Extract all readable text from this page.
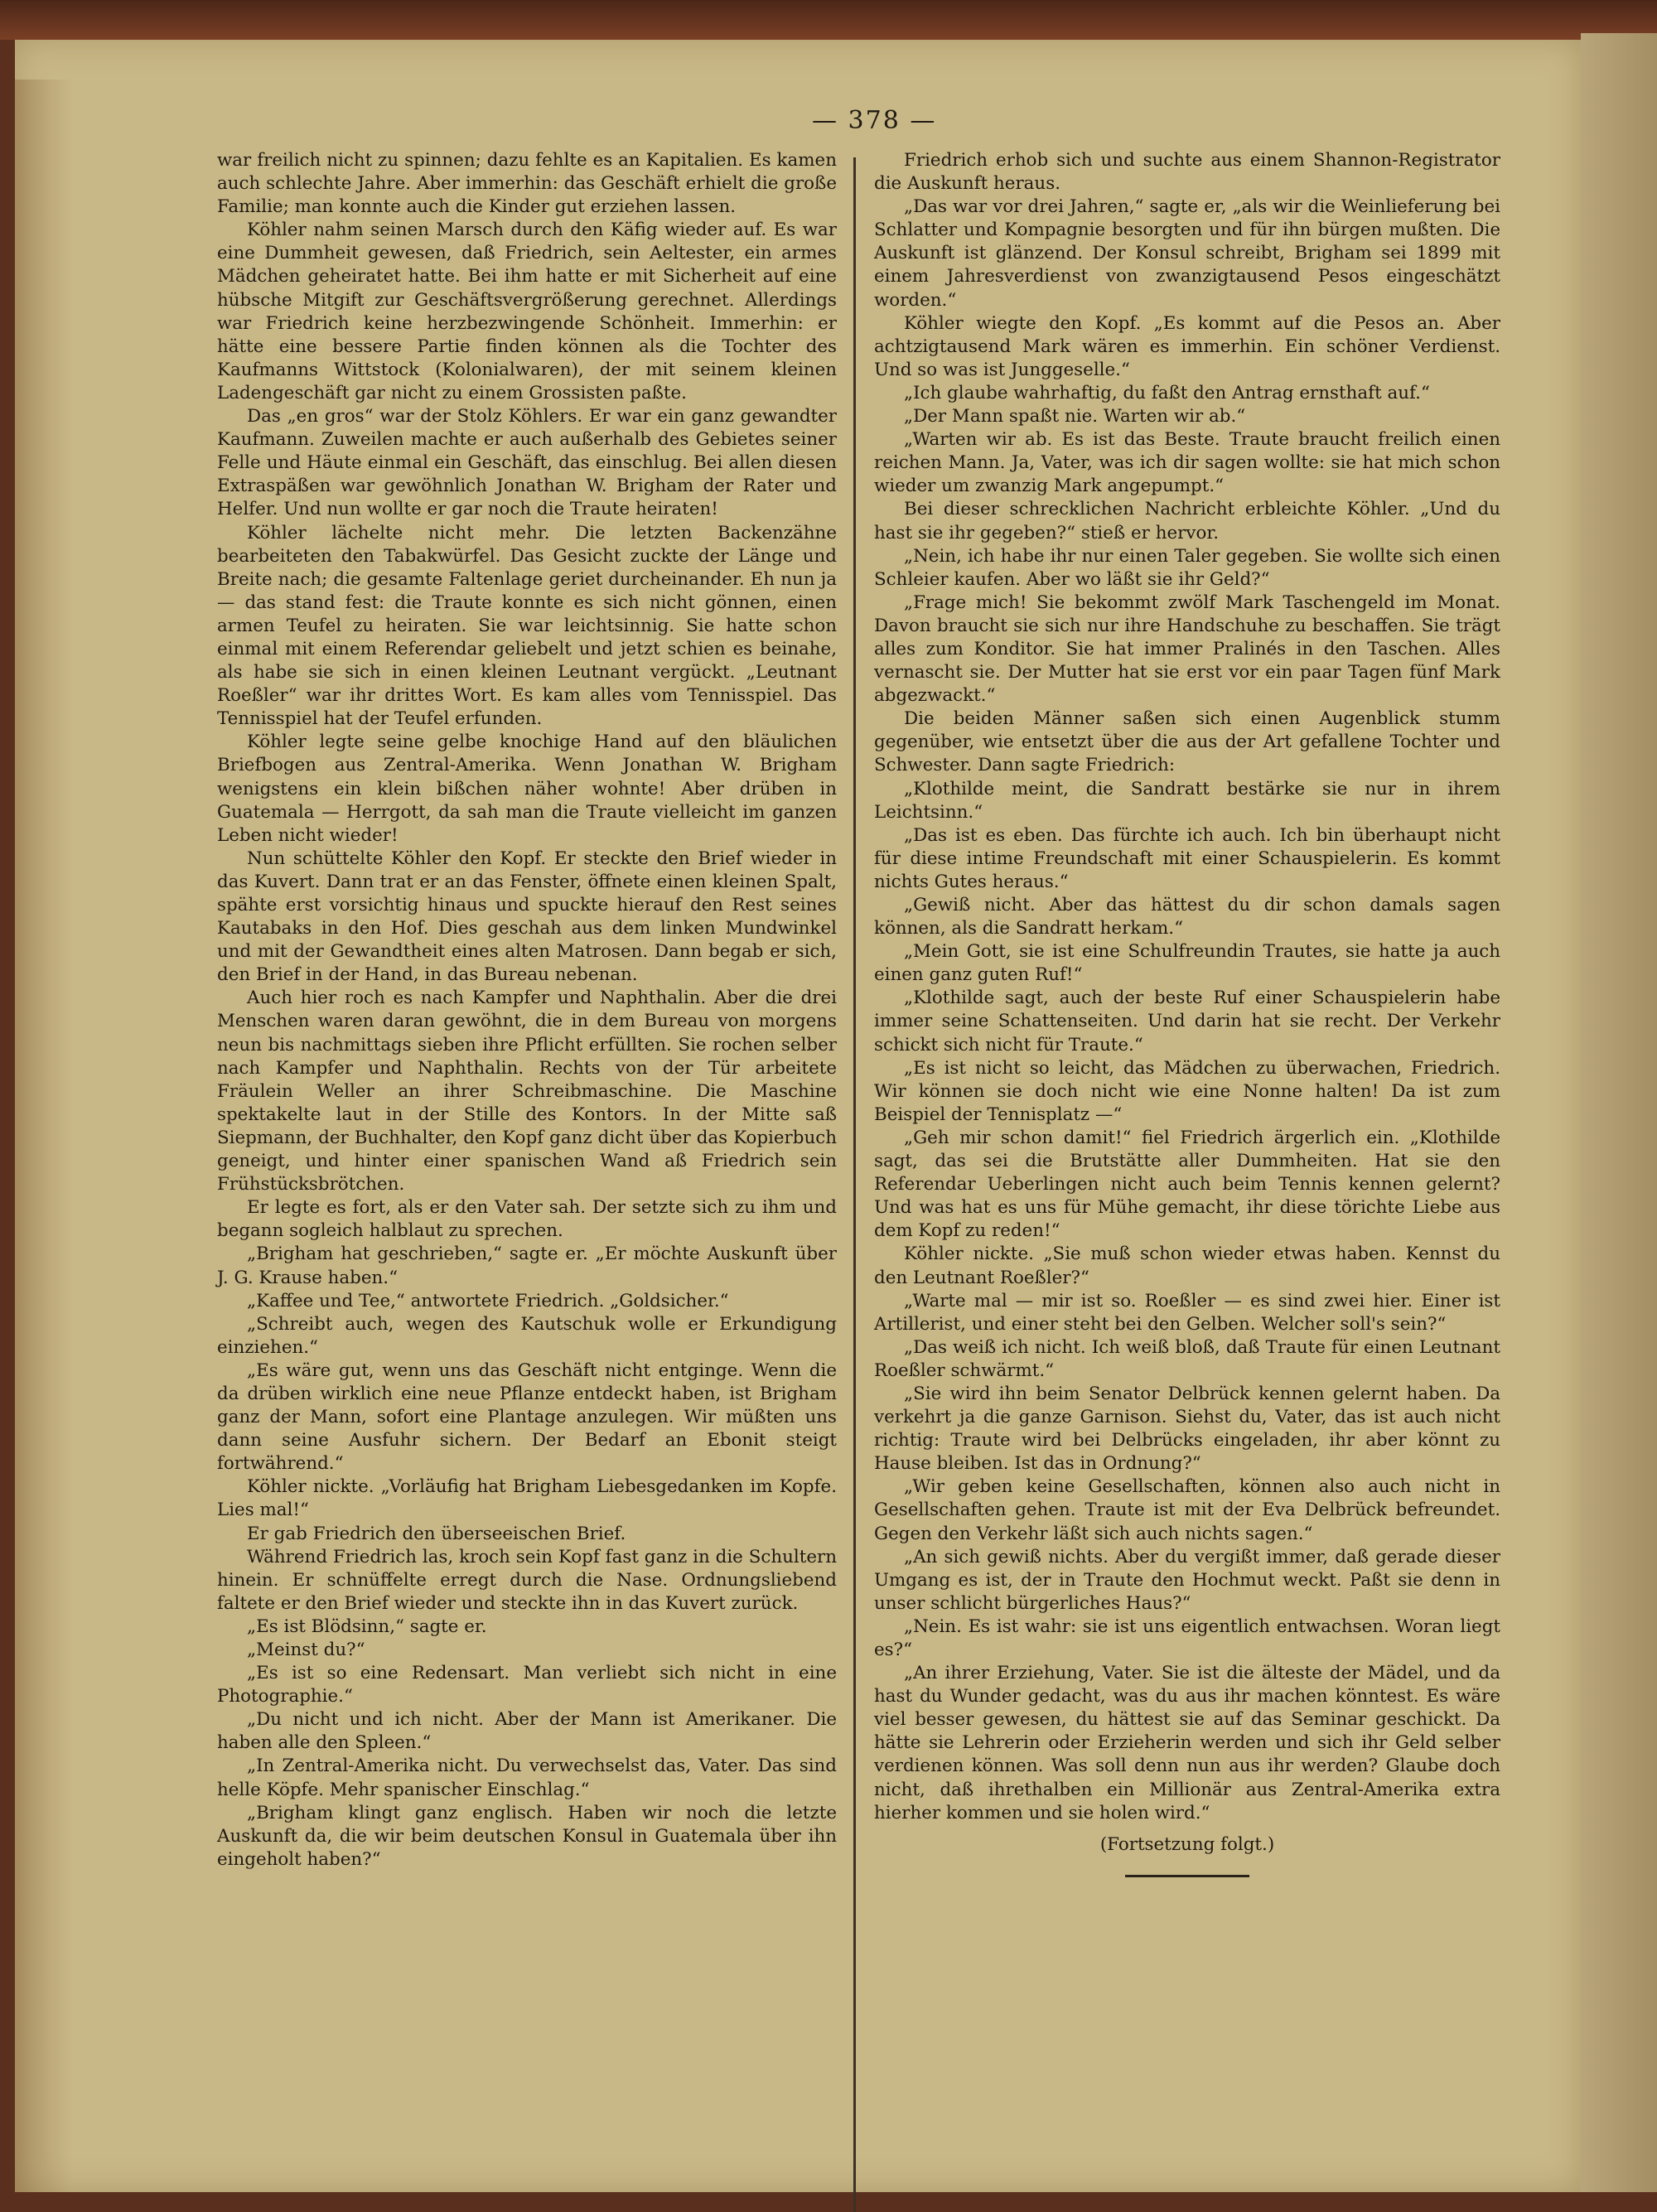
— 378 —

war freilich nicht zu spinnen; dazu fehlte es an Kapitalien. Es kamen auch schlechte Jahre. Aber immerhin: das Geschäft erhielt die große Familie; man konnte auch die Kinder gut erziehen lassen.

Köhler nahm seinen Marsch durch den Käfig wieder auf. Es war eine Dummheit gewesen, daß Friedrich, sein Aeltester, ein armes Mädchen geheiratet hatte. Bei ihm hatte er mit Sicherheit auf eine hübsche Mitgift zur Geschäftsvergrößerung gerechnet. Allerdings war Friedrich keine herzbezwingende Schönheit. Immerhin: er hätte eine bessere Partie finden können als die Tochter des Kaufmanns Wittstock (Kolonialwaren), der mit seinem kleinen Ladengeschäft gar nicht zu einem Grossisten paßte.

Das „en gros“ war der Stolz Köhlers. Er war ein ganz gewandter Kaufmann. Zuweilen machte er auch außerhalb des Gebietes seiner Felle und Häute einmal ein Geschäft, das einschlug. Bei allen diesen Extraspäßen war gewöhnlich Jonathan W. Brigham der Rater und Helfer. Und nun wollte er gar noch die Traute heiraten!

Köhler lächelte nicht mehr. Die letzten Backenzähne bearbeiteten den Tabakwürfel. Das Gesicht zuckte der Länge und Breite nach; die gesamte Faltenlage geriet durcheinander. Eh nun ja — das stand fest: die Traute konnte es sich nicht gönnen, einen armen Teufel zu heiraten. Sie war leichtsinnig. Sie hatte schon einmal mit einem Referendar geliebelt und jetzt schien es beinahe, als habe sie sich in einen kleinen Leutnant vergückt. „Leutnant Roeßler“ war ihr drittes Wort. Es kam alles vom Tennisspiel. Das Tennisspiel hat der Teufel erfunden.

Köhler legte seine gelbe knochige Hand auf den bläulichen Briefbogen aus Zentral-Amerika. Wenn Jonathan W. Brigham wenigstens ein klein bißchen näher wohnte! Aber drüben in Guatemala — Herrgott, da sah man die Traute vielleicht im ganzen Leben nicht wieder!

Nun schüttelte Köhler den Kopf. Er steckte den Brief wieder in das Kuvert. Dann trat er an das Fenster, öffnete einen kleinen Spalt, spähte erst vorsichtig hinaus und spuckte hierauf den Rest seines Kautabaks in den Hof. Dies geschah aus dem linken Mundwinkel und mit der Gewandtheit eines alten Matrosen. Dann begab er sich, den Brief in der Hand, in das Bureau nebenan.

Auch hier roch es nach Kampfer und Naphthalin. Aber die drei Menschen waren daran gewöhnt, die in dem Bureau von morgens neun bis nachmittags sieben ihre Pflicht erfüllten. Sie rochen selber nach Kampfer und Naphthalin. Rechts von der Tür arbeitete Fräulein Weller an ihrer Schreibmaschine. Die Maschine spektakelte laut in der Stille des Kontors. In der Mitte saß Siepmann, der Buchhalter, den Kopf ganz dicht über das Kopierbuch geneigt, und hinter einer spanischen Wand aß Friedrich sein Frühstücksbrötchen.

Er legte es fort, als er den Vater sah. Der setzte sich zu ihm und begann sogleich halblaut zu sprechen.

„Brigham hat geschrieben,“ sagte er. „Er möchte Auskunft über J. G. Krause haben.“

„Kaffee und Tee,“ antwortete Friedrich. „Goldsicher.“

„Schreibt auch, wegen des Kautschuk wolle er Erkundigung einziehen.“

„Es wäre gut, wenn uns das Geschäft nicht entginge. Wenn die da drüben wirklich eine neue Pflanze entdeckt haben, ist Brigham ganz der Mann, sofort eine Plantage anzulegen. Wir müßten uns dann seine Ausfuhr sichern. Der Bedarf an Ebonit steigt fortwährend.“

Köhler nickte. „Vorläufig hat Brigham Liebesgedanken im Kopfe. Lies mal!“

Er gab Friedrich den überseeischen Brief.

Während Friedrich las, kroch sein Kopf fast ganz in die Schultern hinein. Er schnüffelte erregt durch die Nase. Ordnungsliebend faltete er den Brief wieder und steckte ihn in das Kuvert zurück.

„Es ist Blödsinn,“ sagte er.

„Meinst du?“

„Es ist so eine Redensart. Man verliebt sich nicht in eine Photographie.“

„Du nicht und ich nicht. Aber der Mann ist Amerikaner. Die haben alle den Spleen.“

„In Zentral-Amerika nicht. Du verwechselst das, Vater. Das sind helle Köpfe. Mehr spanischer Einschlag.“

„Brigham klingt ganz englisch. Haben wir noch die letzte Auskunft da, die wir beim deutschen Konsul in Guatemala über ihn eingeholt haben?“

Friedrich erhob sich und suchte aus einem Shannon-Registrator die Auskunft heraus.

„Das war vor drei Jahren,“ sagte er, „als wir die Weinlieferung bei Schlatter und Kompagnie besorgten und für ihn bürgen mußten. Die Auskunft ist glänzend. Der Konsul schreibt, Brigham sei 1899 mit einem Jahresverdienst von zwanzigtausend Pesos eingeschätzt worden.“

Köhler wiegte den Kopf. „Es kommt auf die Pesos an. Aber achtzigtausend Mark wären es immerhin. Ein schöner Verdienst. Und so was ist Junggeselle.“

„Ich glaube wahrhaftig, du faßt den Antrag ernsthaft auf.“

„Der Mann spaßt nie. Warten wir ab.“

„Warten wir ab. Es ist das Beste. Traute braucht freilich einen reichen Mann. Ja, Vater, was ich dir sagen wollte: sie hat mich schon wieder um zwanzig Mark angepumpt.“

Bei dieser schrecklichen Nachricht erbleichte Köhler. „Und du hast sie ihr gegeben?“ stieß er hervor.

„Nein, ich habe ihr nur einen Taler gegeben. Sie wollte sich einen Schleier kaufen. Aber wo läßt sie ihr Geld?“

„Frage mich! Sie bekommt zwölf Mark Taschengeld im Monat. Davon braucht sie sich nur ihre Handschuhe zu beschaffen. Sie trägt alles zum Konditor. Sie hat immer Pralinés in den Taschen. Alles vernascht sie. Der Mutter hat sie erst vor ein paar Tagen fünf Mark abgezwackt.“

Die beiden Männer saßen sich einen Augenblick stumm gegenüber, wie entsetzt über die aus der Art gefallene Tochter und Schwester. Dann sagte Friedrich:

„Klothilde meint, die Sandratt bestärke sie nur in ihrem Leichtsinn.“

„Das ist es eben. Das fürchte ich auch. Ich bin überhaupt nicht für diese intime Freundschaft mit einer Schauspielerin. Es kommt nichts Gutes heraus.“

„Gewiß nicht. Aber das hättest du dir schon damals sagen können, als die Sandratt herkam.“

„Mein Gott, sie ist eine Schulfreundin Trautes, sie hatte ja auch einen ganz guten Ruf!“

„Klothilde sagt, auch der beste Ruf einer Schauspielerin habe immer seine Schattenseiten. Und darin hat sie recht. Der Verkehr schickt sich nicht für Traute.“

„Es ist nicht so leicht, das Mädchen zu überwachen, Friedrich. Wir können sie doch nicht wie eine Nonne halten! Da ist zum Beispiel der Tennisplatz —“

„Geh mir schon damit!“ fiel Friedrich ärgerlich ein. „Klothilde sagt, das sei die Brutstätte aller Dummheiten. Hat sie den Referendar Ueberlingen nicht auch beim Tennis kennen gelernt? Und was hat es uns für Mühe gemacht, ihr diese törichte Liebe aus dem Kopf zu reden!“

Köhler nickte. „Sie muß schon wieder etwas haben. Kennst du den Leutnant Roeßler?“

„Warte mal — mir ist so. Roeßler — es sind zwei hier. Einer ist Artillerist, und einer steht bei den Gelben. Welcher soll's sein?“

„Das weiß ich nicht. Ich weiß bloß, daß Traute für einen Leutnant Roeßler schwärmt.“

„Sie wird ihn beim Senator Delbrück kennen gelernt haben. Da verkehrt ja die ganze Garnison. Siehst du, Vater, das ist auch nicht richtig: Traute wird bei Delbrücks eingeladen, ihr aber könnt zu Hause bleiben. Ist das in Ordnung?“

„Wir geben keine Gesellschaften, können also auch nicht in Gesellschaften gehen. Traute ist mit der Eva Delbrück befreundet. Gegen den Verkehr läßt sich auch nichts sagen.“

„An sich gewiß nichts. Aber du vergißt immer, daß gerade dieser Umgang es ist, der in Traute den Hochmut weckt. Paßt sie denn in unser schlicht bürgerliches Haus?“

„Nein. Es ist wahr: sie ist uns eigentlich entwachsen. Woran liegt es?“

„An ihrer Erziehung, Vater. Sie ist die älteste der Mädel, und da hast du Wunder gedacht, was du aus ihr machen könntest. Es wäre viel besser gewesen, du hättest sie auf das Seminar geschickt. Da hätte sie Lehrerin oder Erzieherin werden und sich ihr Geld selber verdienen können. Was soll denn nun aus ihr werden? Glaube doch nicht, daß ihrethalben ein Millionär aus Zentral-Amerika extra hierher kommen und sie holen wird.“

(Fortsetzung folgt.)
